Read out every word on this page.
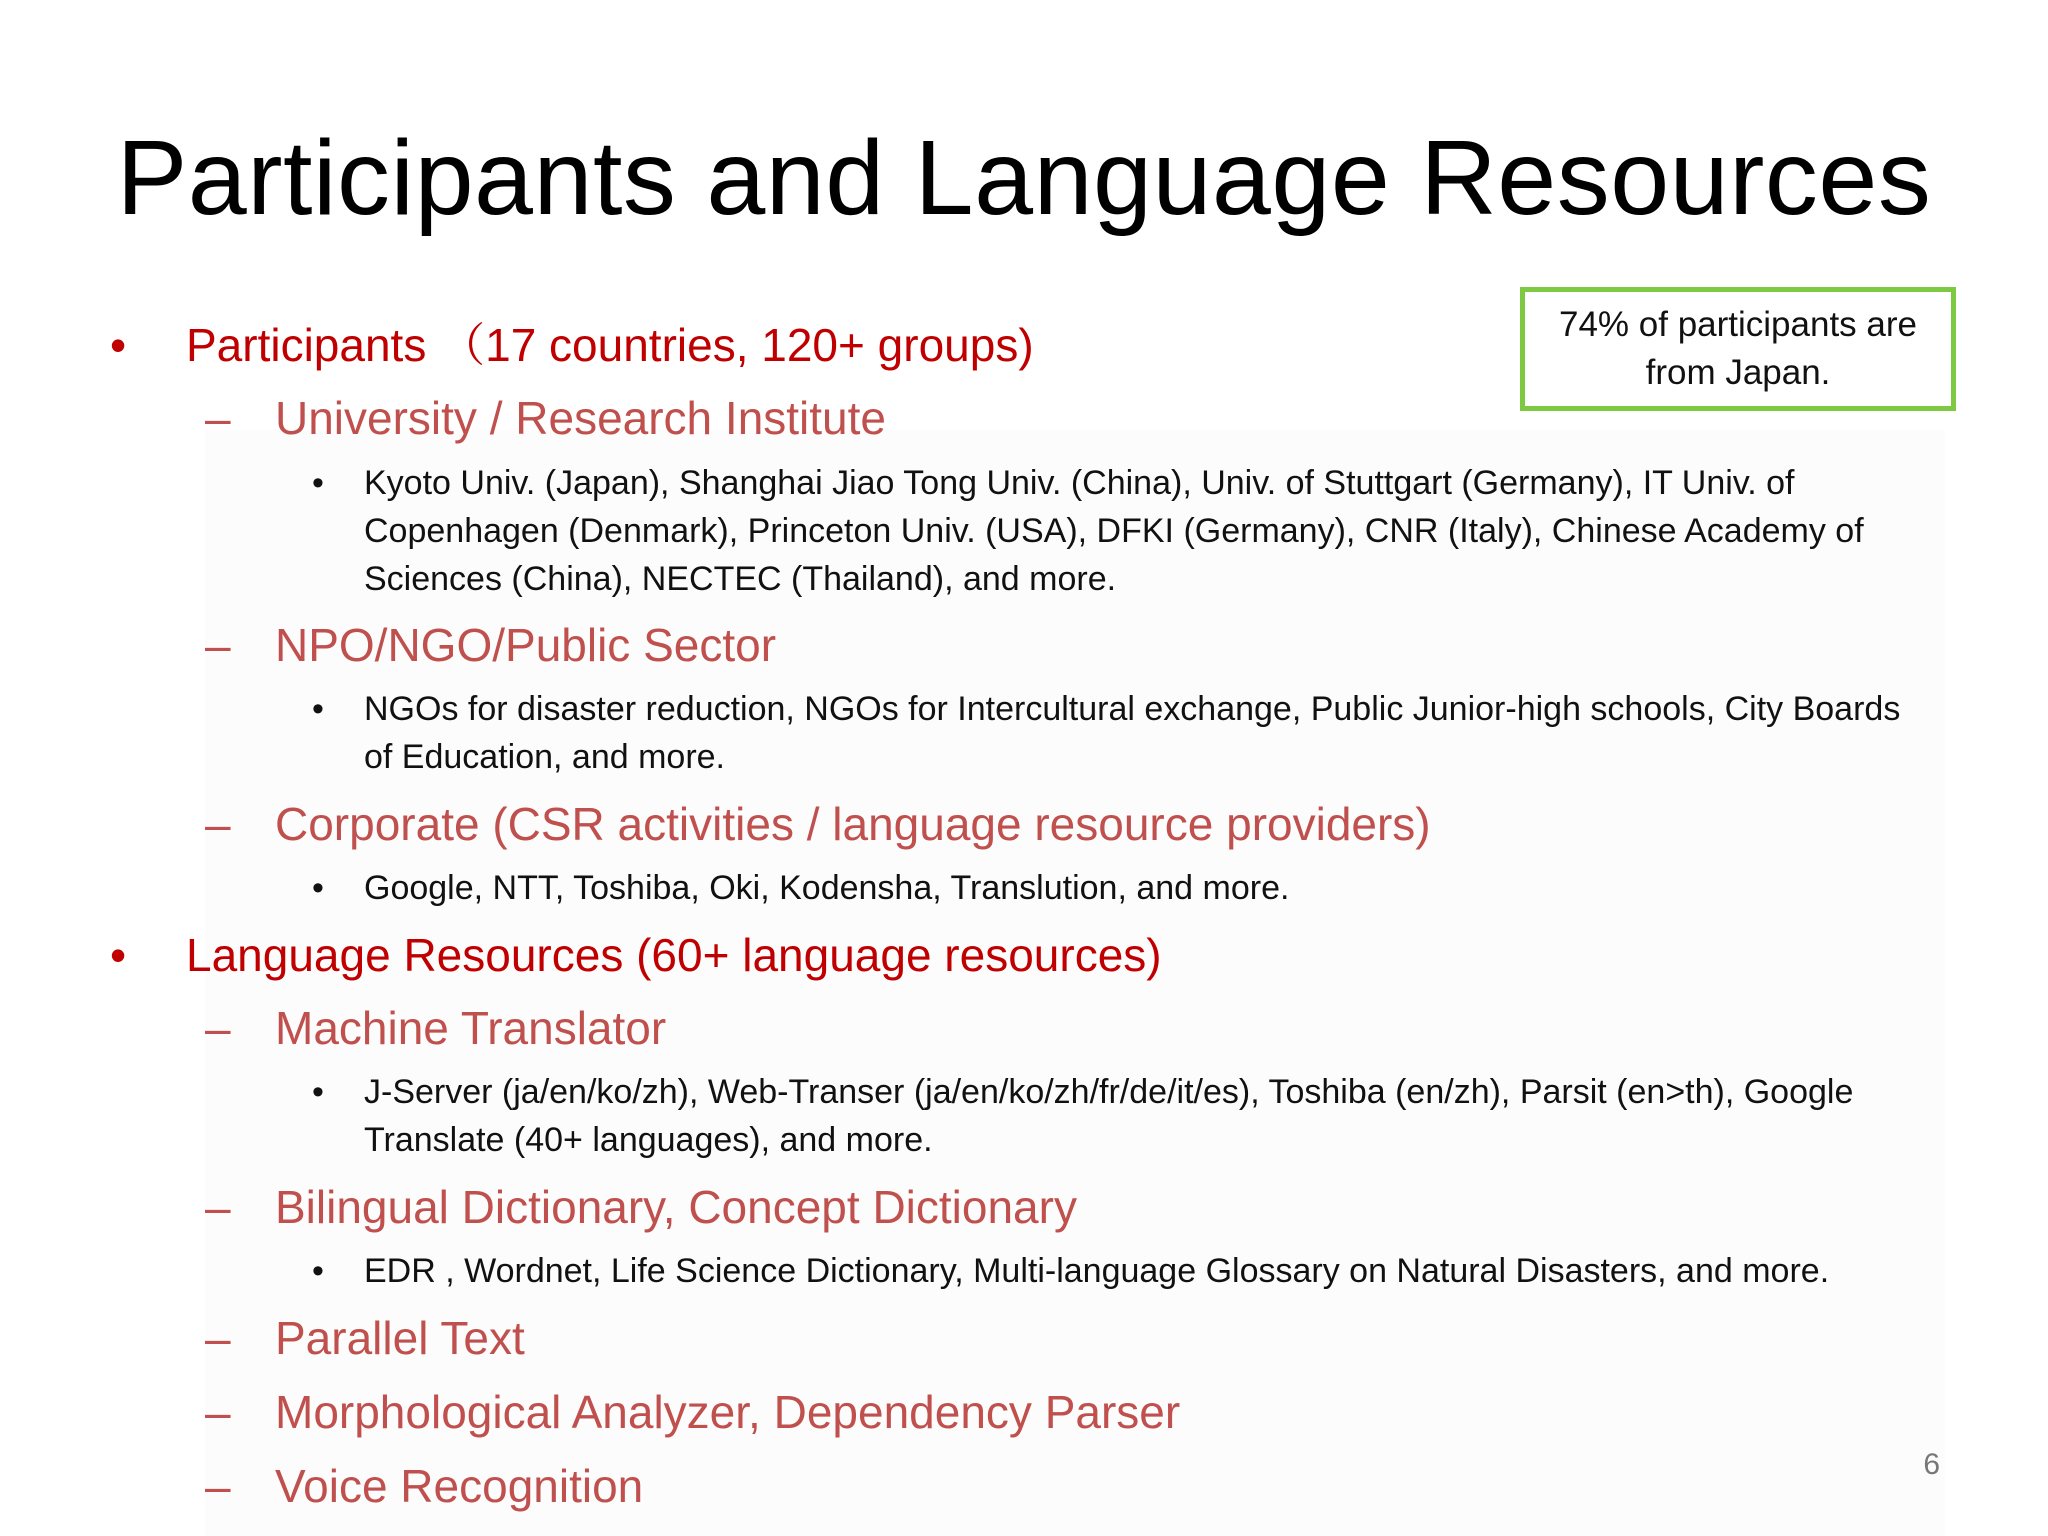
Participants and Language Resources
74% of participants are from Japan.
•	Participants （17 countries, 120+ groups)
– University / Research Institute
• Kyoto Univ. (Japan), Shanghai Jiao Tong Univ. (China), Univ. of Stuttgart (Germany), IT Univ. of Copenhagen (Denmark), Princeton Univ. (USA), DFKI (Germany), CNR (Italy), Chinese Academy of Sciences (China), NECTEC (Thailand), and more.
– NPO/NGO/Public Sector
• NGOs for disaster reduction, NGOs for Intercultural exchange, Public Junior-high schools, City Boards of Education, and more.
– Corporate (CSR activities / language resource providers)
• Google, NTT, Toshiba, Oki, Kodensha, Translution, and more.
•	Language Resources (60+ language resources)
– Machine Translator
• J-Server (ja/en/ko/zh), Web-Transer (ja/en/ko/zh/fr/de/it/es), Toshiba (en/zh), Parsit (en>th), Google Translate (40+ languages), and more.
– Bilingual Dictionary, Concept Dictionary
• EDR , Wordnet, Life Science Dictionary, Multi-language Glossary on Natural Disasters, and more.
– Parallel Text
– Morphological Analyzer, Dependency Parser
– Voice Recognition	6
